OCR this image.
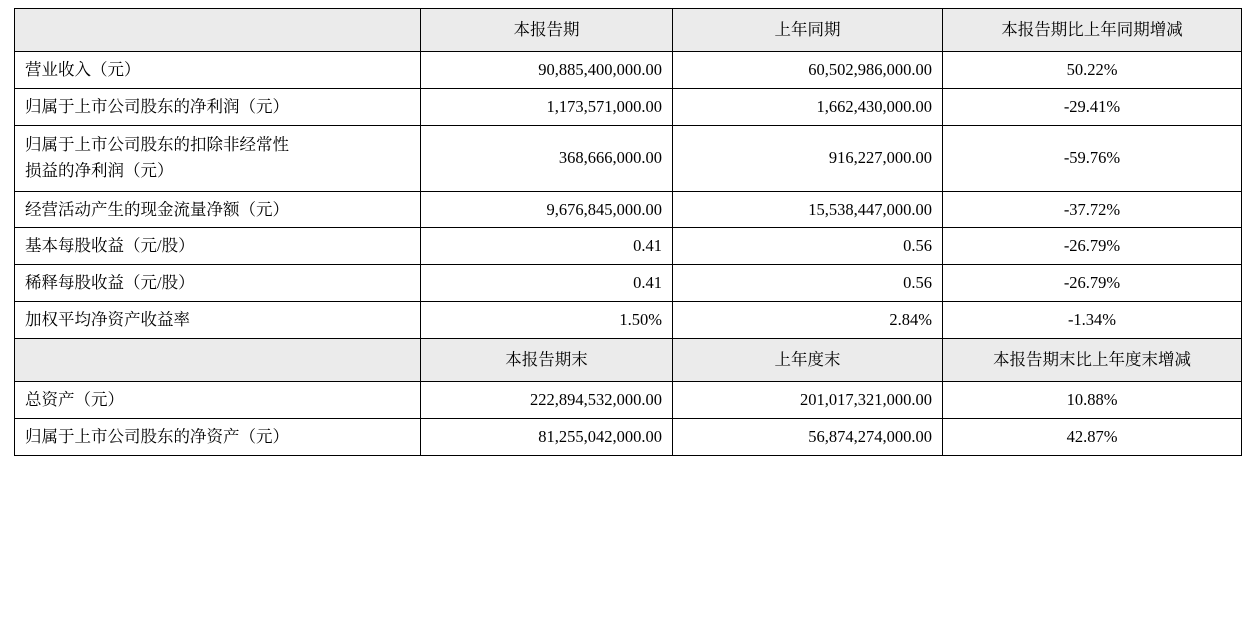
	本报告期	上年同期	本报告期比上年同期增减
营业收入（元）	90,885,400,000.00	60,502,986,000.00	50.22%
归属于上市公司股东的净利润（元）	1,173,571,000.00	1,662,430,000.00	-29.41%

归属于上市公司股东的扣除非经常性
损益的净利润（元）	368,666,000.00	916,227,000.00	-59.76%
经营活动产生的现金流量净额（元）	9,676,845,000.00	15,538,447,000.00	-37.72%
基本每股收益（元/股）	0.41	0.56	-26.79%
稀释每股收益（元/股）	0.41	0.56	-26.79%
加权平均净资产收益率	1.50%	2.84%	-1.34%
	本报告期末	上年度末	本报告期末比上年度末增减
总资产（元）	222,894,532,000.00	201,017,321,000.00	10.88%
归属于上市公司股东的净资产（元）	81,255,042,000.00	56,874,274,000.00	42.87%
